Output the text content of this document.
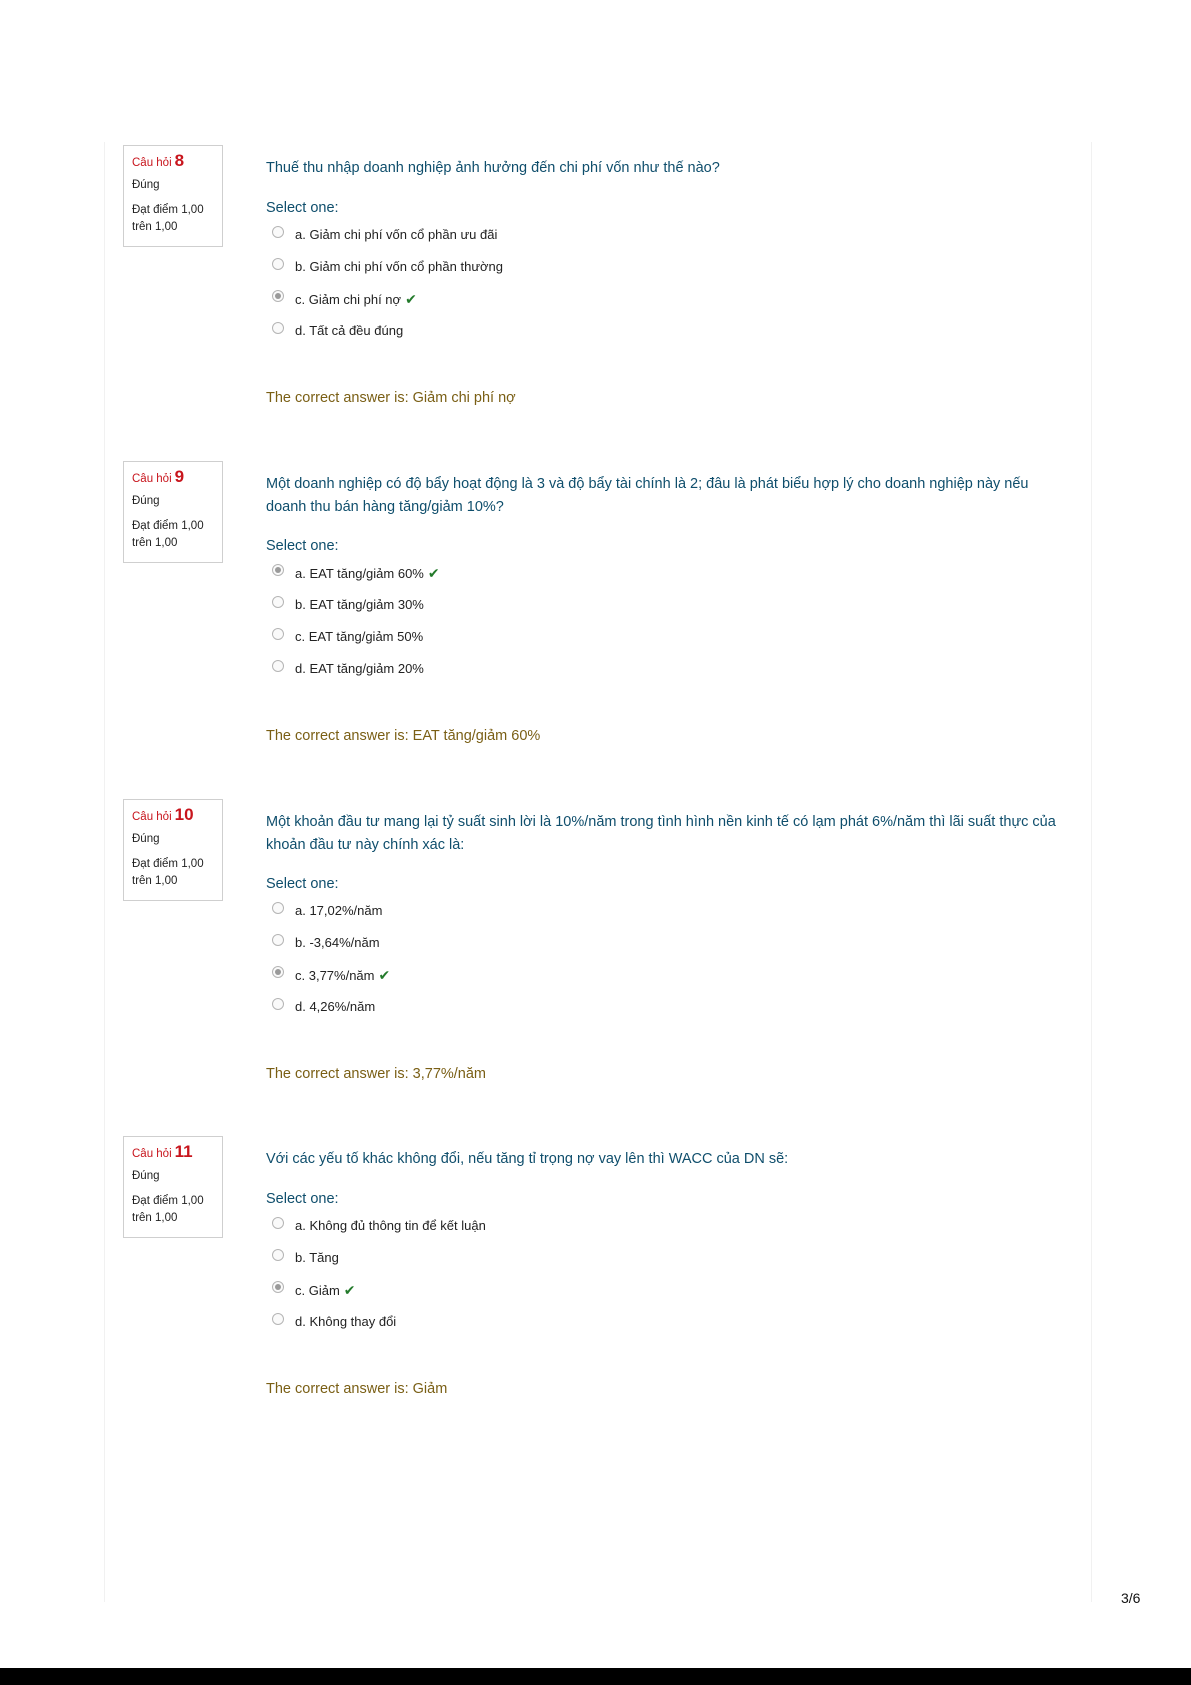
Câu hỏi 8
Đúng
Đạt điểm 1,00
trên 1,00
Thuế thu nhập doanh nghiệp ảnh hưởng đến chi phí vốn như thế nào?
Select one:
a. Giảm chi phí vốn cổ phần ưu đãi
b. Giảm chi phí vốn cổ phần thường
c. Giảm chi phí nợ ✔
d. Tất cả đều đúng
The correct answer is: Giảm chi phí nợ
Câu hỏi 9
Đúng
Đạt điểm 1,00
trên 1,00
Một doanh nghiệp có độ bẩy hoạt động là 3 và độ bẩy tài chính là 2; đâu là phát biểu hợp lý cho doanh nghiệp này nếu doanh thu bán hàng tăng/giảm 10%?
Select one:
a. EAT tăng/giảm 60% ✔
b. EAT tăng/giảm 30%
c. EAT tăng/giảm 50%
d. EAT tăng/giảm 20%
The correct answer is: EAT tăng/giảm 60%
Câu hỏi 10
Đúng
Đạt điểm 1,00
trên 1,00
Một khoản đầu tư mang lại tỷ suất sinh lời là 10%/năm trong tình hình nền kinh tế có lạm phát 6%/năm thì lãi suất thực của khoản đầu tư này chính xác là:
Select one:
a. 17,02%/năm
b. -3,64%/năm
c. 3,77%/năm ✔
d. 4,26%/năm
The correct answer is: 3,77%/năm
Câu hỏi 11
Đúng
Đạt điểm 1,00
trên 1,00
Với các yếu tố khác không đổi, nếu tăng tỉ trọng nợ vay lên thì WACC của DN sẽ:
Select one:
a. Không đủ thông tin để kết luận
b. Tăng
c. Giảm ✔
d. Không thay đổi
The correct answer is: Giảm
3/6
